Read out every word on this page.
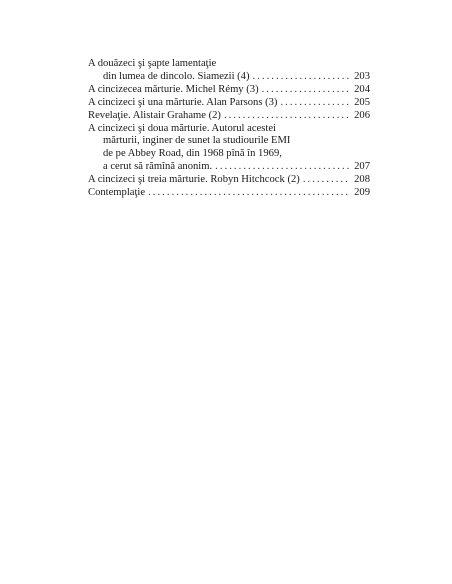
A douăzeci şi şapte lamentaţie
din lumea de dincolo. Siamezii (4) . . .	203
A cincizecea mărturie. Michel Rémy (3) . . .	204
A cincizeci şi una mărturie. Alan Parsons (3) . . .	205
Revelaţie. Alistair Grahame (2) . . .	206
A cincizeci şi doua mărturie. Autorul acestei
mărturii, inginer de sunet la studiourile EMI
de pe Abbey Road, din 1968 pînă în 1969,
a cerut să rămînă anonim. . . .	207
A cincizeci şi treia mărturie. Robyn Hitchcock (2) . . .	208
Contemplaţie . . .	209
